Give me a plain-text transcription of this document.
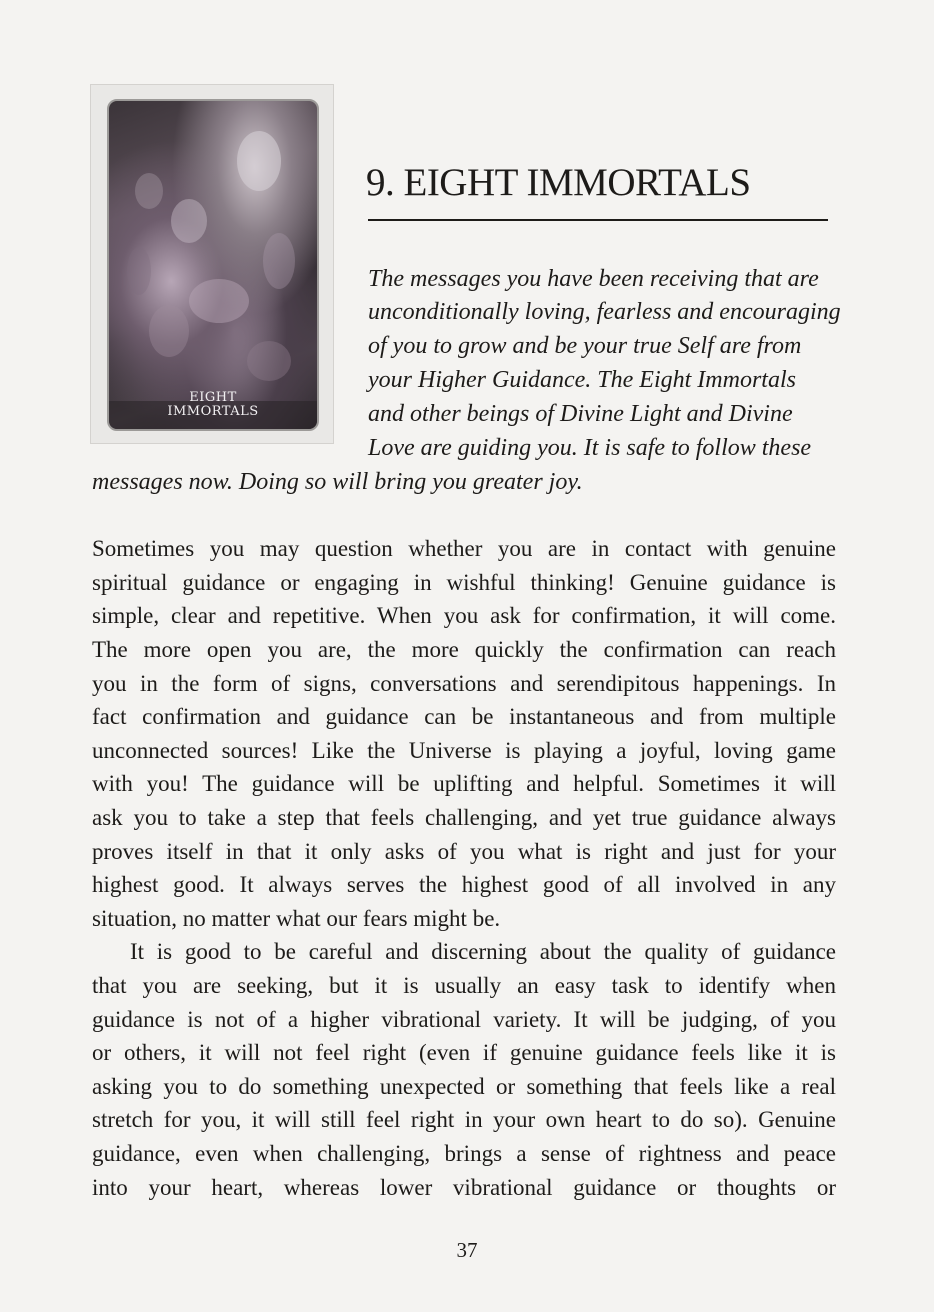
EIGHT
IMMORTALS
9. EIGHT IMMORTALS
The messages you have been receiving that are
unconditionally loving, fearless and encouraging
of you to grow and be your true Self are from
your Higher Guidance. The Eight Immortals
and other beings of Divine Light and Divine
Love are guiding you. It is safe to follow these
messages now. Doing so will bring you greater joy.
Sometimes you may question whether you are in contact with genuine
spiritual guidance or engaging in wishful thinking! Genuine guidance is
simple, clear and repetitive. When you ask for confirmation, it will come.
The more open you are, the more quickly the confirmation can reach
you in the form of signs, conversations and serendipitous happenings. In
fact confirmation and guidance can be instantaneous and from multiple
unconnected sources! Like the Universe is playing a joyful, loving game
with you! The guidance will be uplifting and helpful. Sometimes it will
ask you to take a step that feels challenging, and yet true guidance always
proves itself in that it only asks of you what is right and just for your
highest good. It always serves the highest good of all involved in any
situation, no matter what our fears might be.
It is good to be careful and discerning about the quality of guidance
that you are seeking, but it is usually an easy task to identify when
guidance is not of a higher vibrational variety. It will be judging, of you
or others, it will not feel right (even if genuine guidance feels like it is
asking you to do something unexpected or something that feels like a real
stretch for you, it will still feel right in your own heart to do so). Genuine
guidance, even when challenging, brings a sense of rightness and peace
into your heart, whereas lower vibrational guidance or thoughts or
37
